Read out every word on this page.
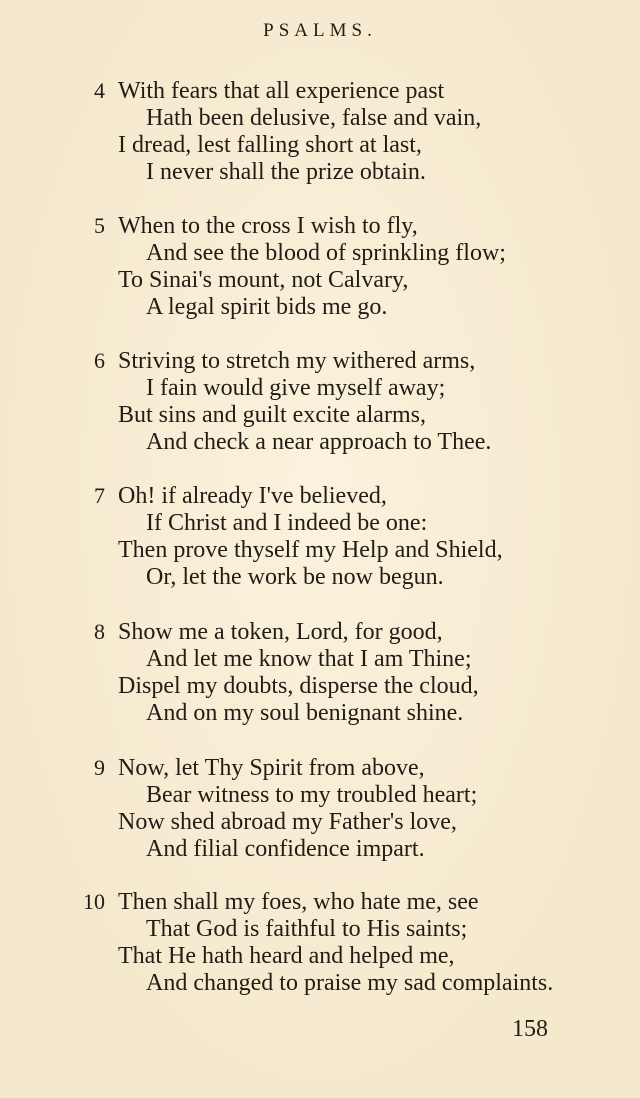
PSALMS.
4 With fears that all experience past
Hath been delusive, false and vain,
I dread, lest falling short at last,
I never shall the prize obtain.
5 When to the cross I wish to fly,
And see the blood of sprinkling flow;
To Sinai's mount, not Calvary,
A legal spirit bids me go.
6 Striving to stretch my withered arms,
I fain would give myself away;
But sins and guilt excite alarms,
And check a near approach to Thee.
7 Oh! if already I've believed,
If Christ and I indeed be one:
Then prove thyself my Help and Shield,
Or, let the work be now begun.
8 Show me a token, Lord, for good,
And let me know that I am Thine;
Dispel my doubts, disperse the cloud,
And on my soul benignant shine.
9 Now, let Thy Spirit from above,
Bear witness to my troubled heart;
Now shed abroad my Father's love,
And filial confidence impart.
10 Then shall my foes, who hate me, see
That God is faithful to His saints;
That He hath heard and helped me,
And changed to praise my sad complaints.
158
